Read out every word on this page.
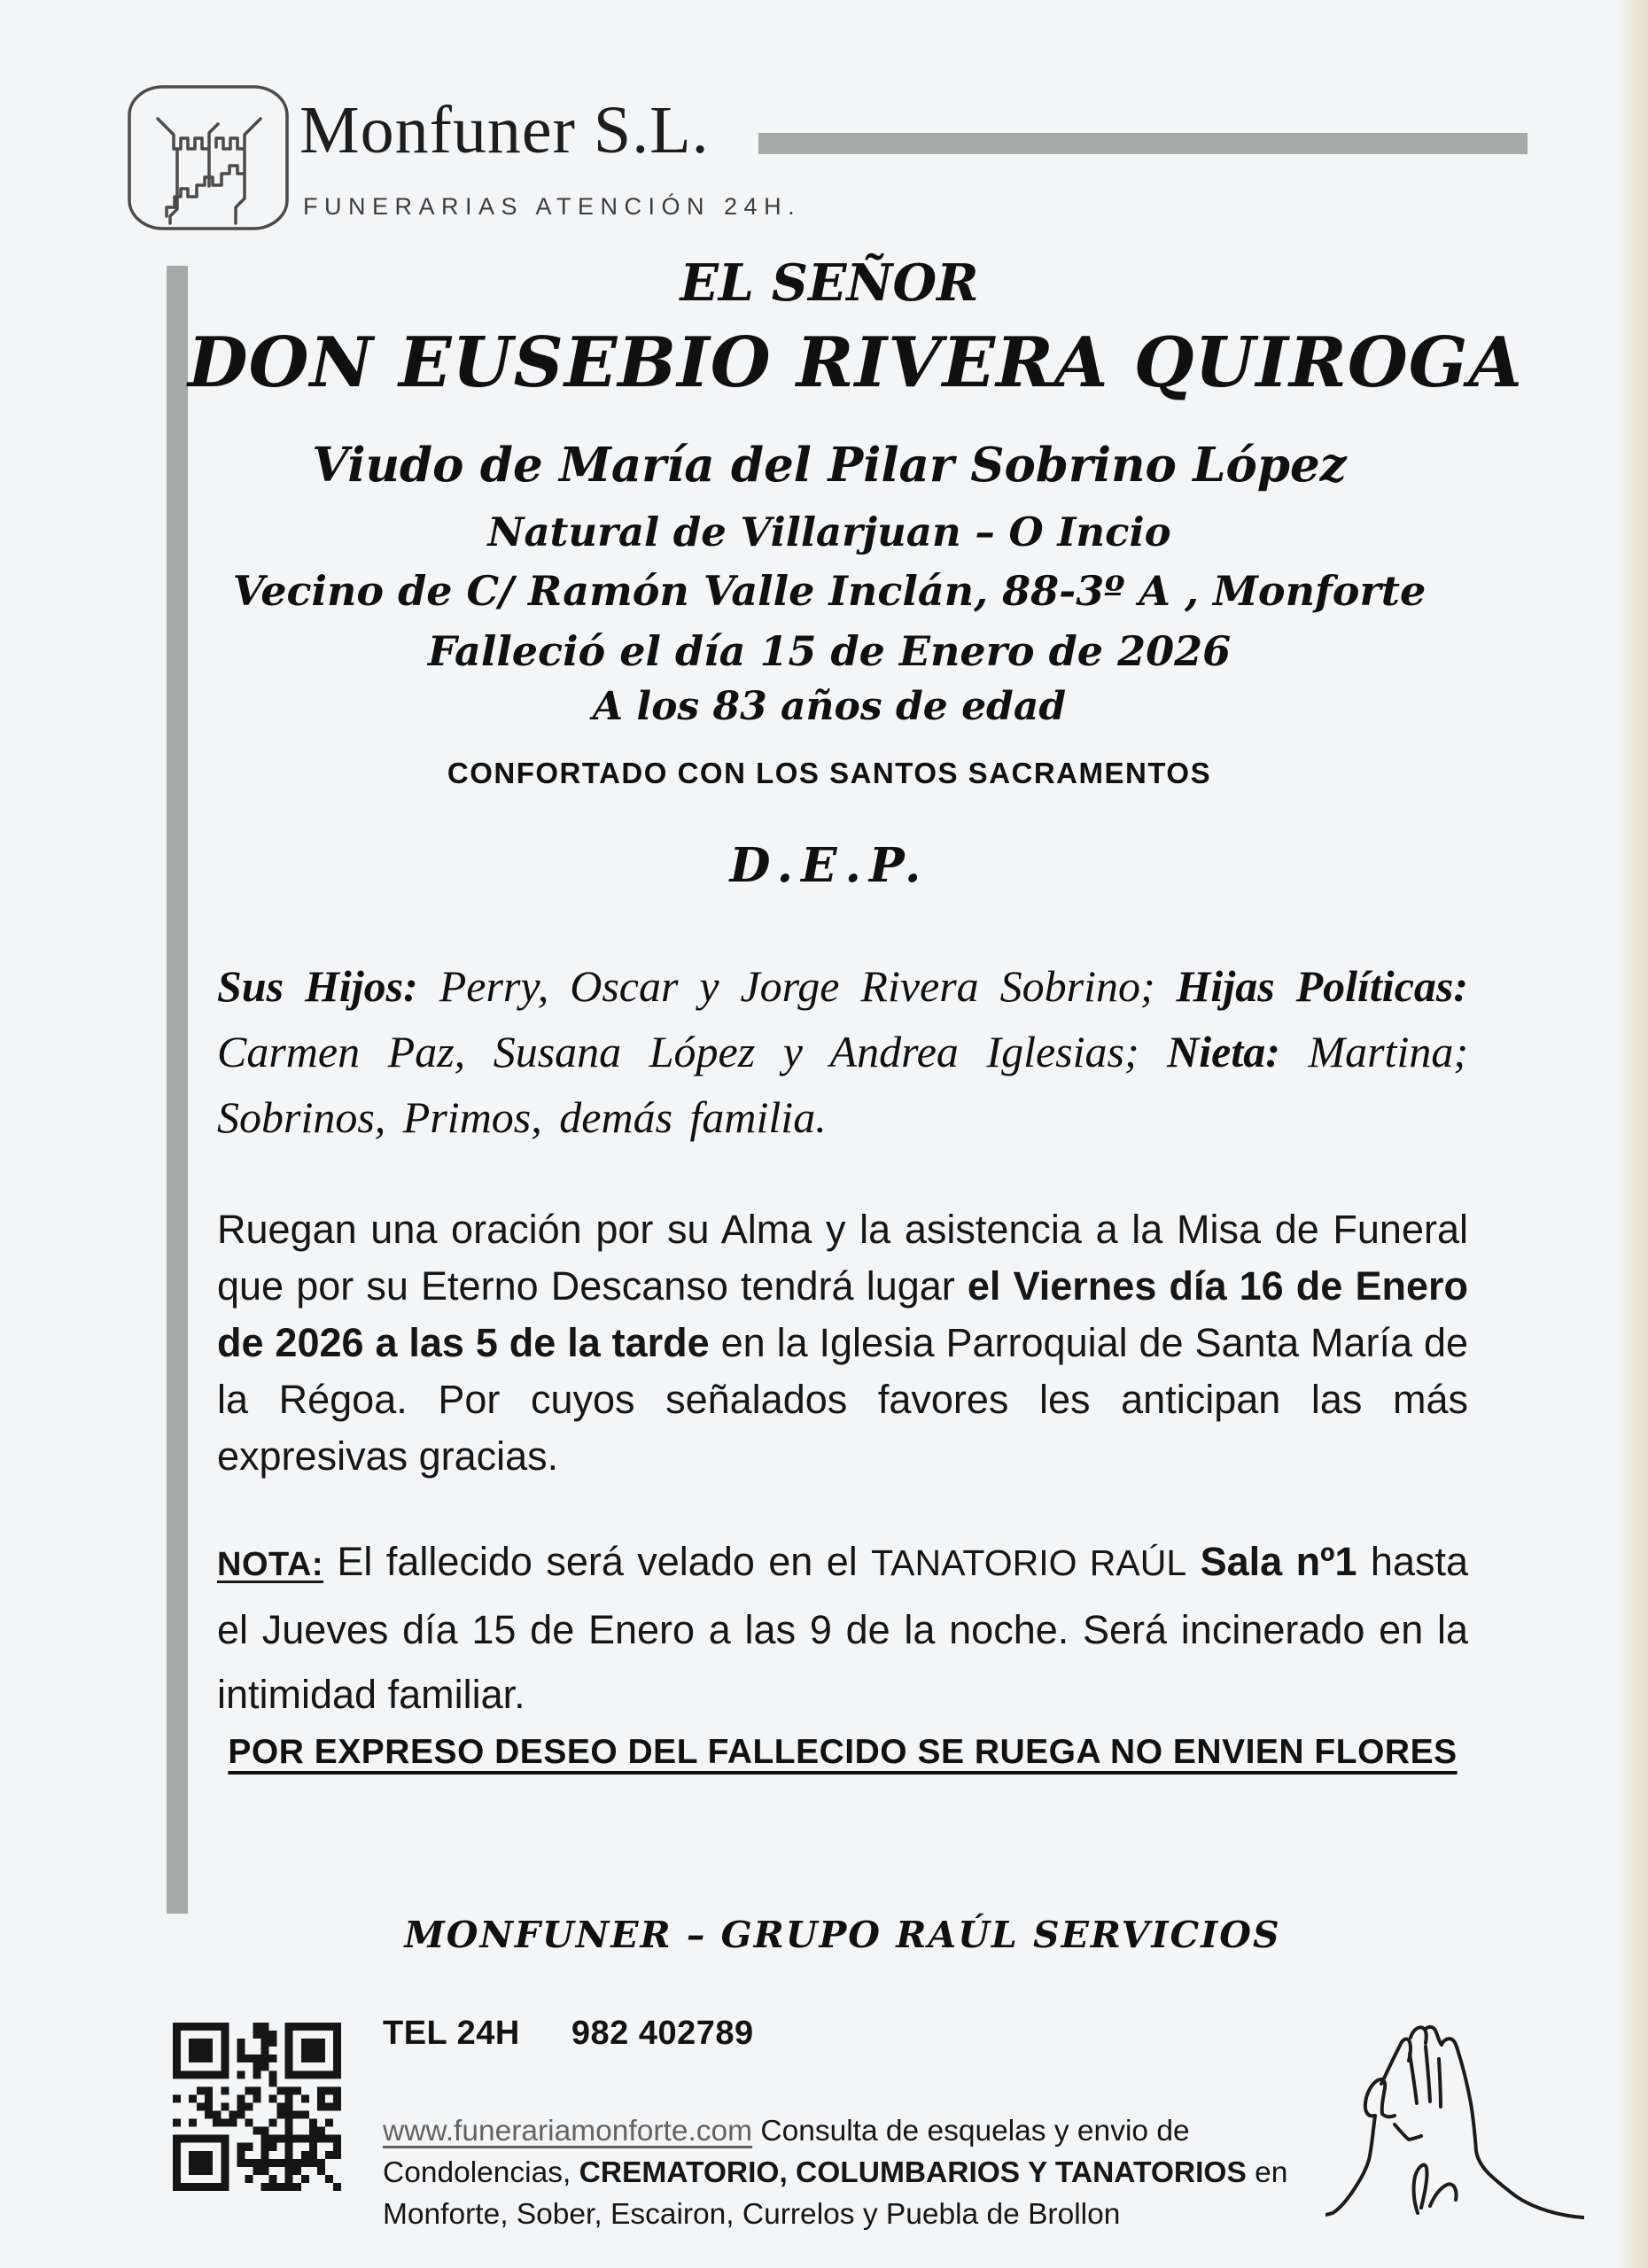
Monfuner S.L.
FUNERARIAS ATENCIÓN 24H.
EL SEÑOR
DON EUSEBIO RIVERA QUIROGA
Viudo de María del Pilar Sobrino López
Natural de Villarjuan – O Incio
Vecino de C/ Ramón Valle Inclán, 88-3º A , Monforte
Falleció el día 15 de Enero de 2026
A los 83 años de edad
CONFORTADO CON LOS SANTOS SACRAMENTOS
D.E.P.
Sus Hijos: Perry, Oscar y Jorge Rivera Sobrino; Hijas Políticas: Carmen Paz, Susana López y Andrea Iglesias; Nieta: Martina; Sobrinos, Primos, demás familia.
Ruegan una oración por su Alma y la asistencia a la Misa de Funeral que por su Eterno Descanso tendrá lugar el Viernes día 16 de Enero de 2026 a las 5 de la tarde en la Iglesia Parroquial de Santa María de la Régoa. Por cuyos señalados favores les anticipan las más expresivas gracias.
NOTA: El fallecido será velado en el TANATORIO RAÚL Sala nº1 hasta el Jueves día 15 de Enero a las 9 de la noche. Será incinerado en la intimidad familiar.
POR EXPRESO DESEO DEL FALLECIDO SE RUEGA NO ENVIEN FLORES
MONFUNER – GRUPO RAÚL SERVICIOS
TEL 24H 982 402789
www.funerariamonforte.com Consulta de esquelas y envio de Condolencias, CREMATORIO, COLUMBARIOS Y TANATORIOS en Monforte, Sober, Escairon, Currelos y Puebla de Brollon
